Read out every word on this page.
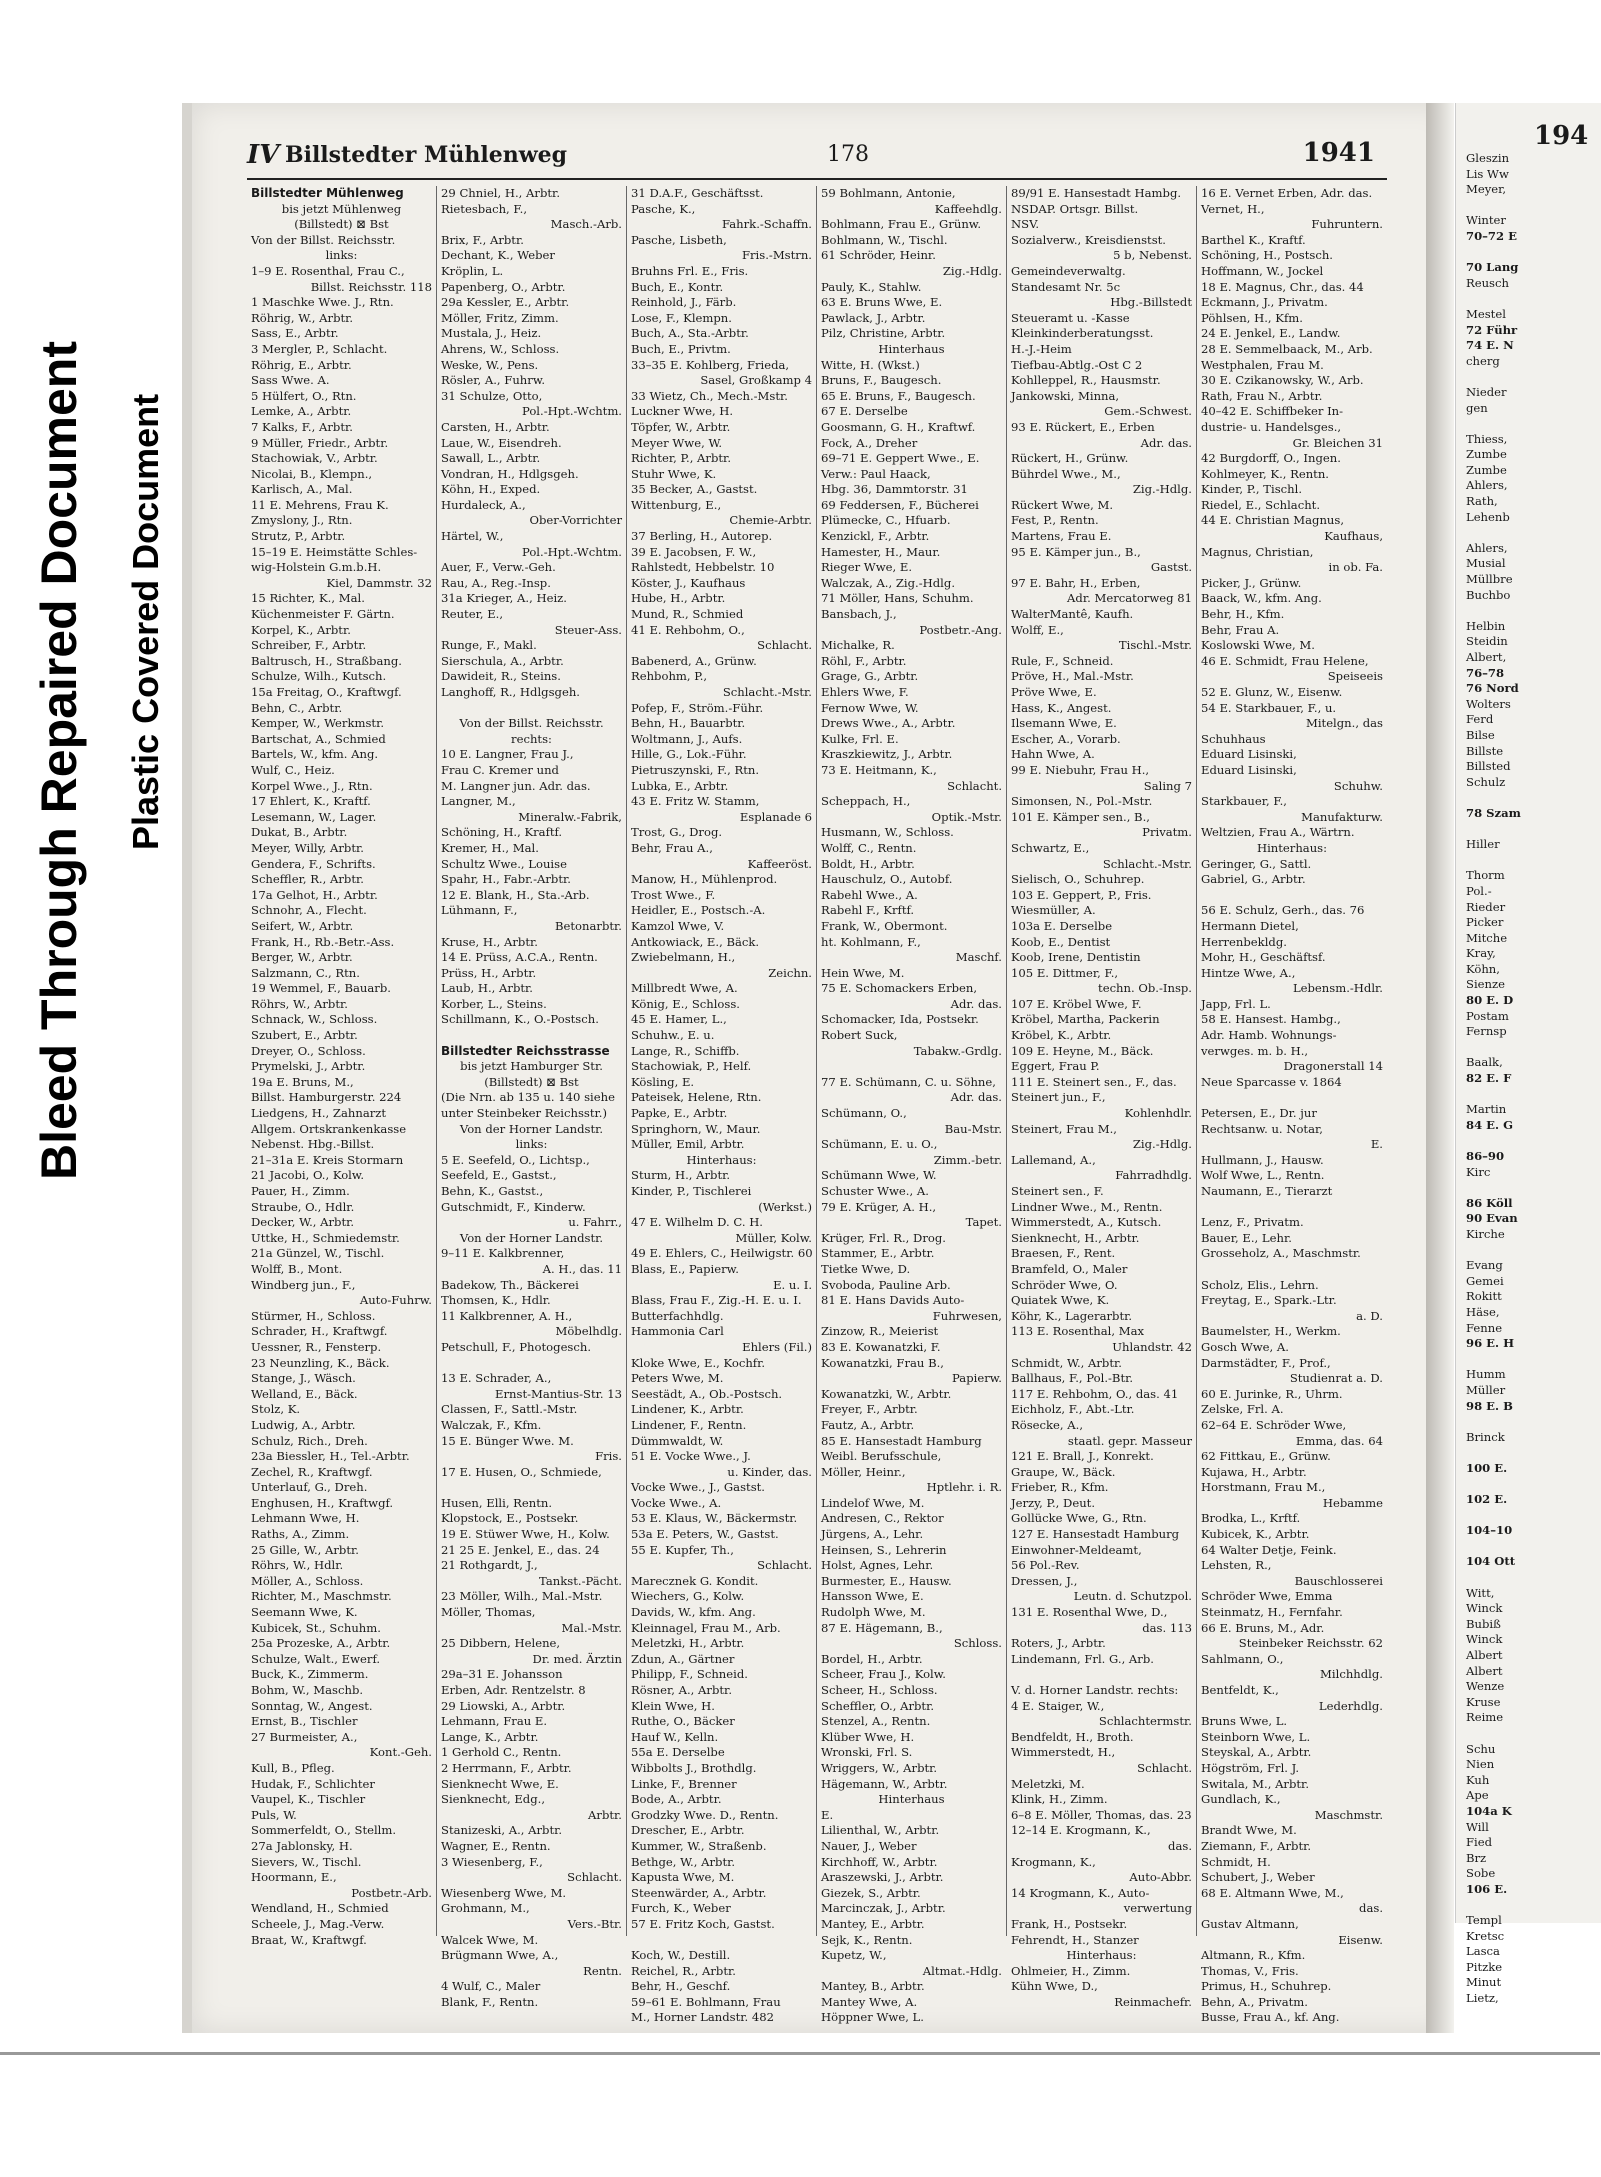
Bleed Through Repaired Document Plastic Covered Document
IV Billstedter Mühlenweg	178	1941
Billstedter Mühlenweg
bis jetzt Mühlenweg
(Billstedt) ⊠ Bst
Von der Billst. Reichsstr.
links:
1–9 E. Rosenthal, Frau C.,
Billst. Reichsstr. 118
1 Maschke Wwe. J., Rtn.
Röhrig, W., Arbtr.
Sass, E., Arbtr.
3 Mergler, P., Schlacht.
Röhrig, E., Arbtr.
Sass Wwe. A.
5 Hülfert, O., Rtn.
Lemke, A., Arbtr.
7 Kalks, F., Arbtr.
9 Müller, Friedr., Arbtr.
Stachowiak, V., Arbtr.
Nicolai, B., Klempn.,
Karlisch, A., Mal.
11 E. Mehrens, Frau K.
Zmyslony, J., Rtn.
Strutz, P., Arbtr.
15–19 E. Heimstätte Schles-
wig-Holstein G.m.b.H.
Kiel, Dammstr. 32
15 Richter, K., Mal.
Küchenmeister F. Gärtn.
Korpel, K., Arbtr.
Schreiber, F., Arbtr.
Baltrusch, H., Straßbang.
Schulze, Wilh., Kutsch.
15a Freitag, O., Kraftwgf.
Behn, C., Arbtr.
Kemper, W., Werkmstr.
Bartschat, A., Schmied
Bartels, W., kfm. Ang.
Wulf, C., Heiz.
Korpel Wwe., J., Rtn.
17 Ehlert, K., Kraftf.
Lesemann, W., Lager.
Dukat, B., Arbtr.
Meyer, Willy, Arbtr.
Gendera, F., Schrifts.
Scheffler, R., Arbtr.
17a Gelhot, H., Arbtr.
Schnohr, A., Flecht.
Seifert, W., Arbtr.
Frank, H., Rb.-Betr.-Ass.
Berger, W., Arbtr.
Salzmann, C., Rtn.
19 Wemmel, F., Bauarb.
Röhrs, W., Arbtr.
Schnack, W., Schloss.
Szubert, E., Arbtr.
Dreyer, O., Schloss.
Prymelski, J., Arbtr.
19a E. Bruns, M.,
Billst. Hamburgerstr. 224
Liedgens, H., Zahnarzt
Allgem. Ortskrankenkasse
Nebenst. Hbg.-Billst.
21–31a E. Kreis Stormarn
21 Jacobi, O., Kolw.
Pauer, H., Zimm.
Straube, O., Hdlr.
Decker, W., Arbtr.
Uttke, H., Schmiedemstr.
21a Günzel, W., Tischl.
Wolff, B., Mont.
Windberg jun., F.,
Auto-Fuhrw.
Stürmer, H., Schloss.
Schrader, H., Kraftwgf.
Uessner, R., Fensterp.
23 Neunzling, K., Bäck.
Stange, J., Wäsch.
Welland, E., Bäck.
Stolz, K.
Ludwig, A., Arbtr.
Schulz, Rich., Dreh.
23a Biessler, H., Tel.-Arbtr.
Zechel, R., Kraftwgf.
Unterlauf, G., Dreh.
Enghusen, H., Kraftwgf.
Lehmann Wwe, H.
Raths, A., Zimm.
25 Gille, W., Arbtr.
Röhrs, W., Hdlr.
Möller, A., Schloss.
Richter, M., Maschmstr.
Seemann Wwe, K.
Kubicek, St., Schuhm.
25a Prozeske, A., Arbtr.
Schulze, Walt., Ewerf.
Buck, K., Zimmerm.
Bohm, W., Maschb.
Sonntag, W., Angest.
Ernst, B., Tischler
27 Burmeister, A.,
Kont.-Geh.
Kull, B., Pfleg.
Hudak, F., Schlichter
Vaupel, K., Tischler
Puls, W.
Sommerfeldt, O., Stellm.
27a Jablonsky, H.
Sievers, W., Tischl.
Hoormann, E.,
Postbetr.-Arb.
Wendland, H., Schmied
Scheele, J., Mag.-Verw.
Braat, W., Kraftwgf.
29 Chniel, H., Arbtr.
Rietesbach, F.,
Masch.-Arb.
Brix, F., Arbtr.
Dechant, K., Weber
Kröplin, L.
Papenberg, O., Arbtr.
29a Kessler, E., Arbtr.
Möller, Fritz, Zimm.
Mustala, J., Heiz.
Ahrens, W., Schloss.
Weske, W., Pens.
Rösler, A., Fuhrw.
31 Schulze, Otto,
Pol.-Hpt.-Wchtm.
Carsten, H., Arbtr.
Laue, W., Eisendreh.
Sawall, L., Arbtr.
Vondran, H., Hdlgsgeh.
Köhn, H., Exped.
Hurdaleck, A.,
Ober-Vorrichter
Härtel, W.,
Pol.-Hpt.-Wchtm.
Auer, F., Verw.-Geh.
Rau, A., Reg.-Insp.
31a Krieger, A., Heiz.
Reuter, E.,
Steuer-Ass.
Runge, F., Makl.
Sierschula, A., Arbtr.
Dawideit, R., Steins.
Langhoff, R., Hdlgsgeh.

Von der Billst. Reichsstr.
rechts:
10 E. Langner, Frau J.,
Frau C. Kremer und
M. Langner jun. Adr. das.
Langner, M.,
Mineralw.-Fabrik,
Schöning, H., Kraftf.
Kremer, H., Mal.
Schultz Wwe., Louise
Spahr, H., Fabr.-Arbtr.
12 E. Blank, H., Sta.-Arb.
Lühmann, F.,
Betonarbtr.
Kruse, H., Arbtr.
14 E. Prüss, A.C.A., Rentn.
Prüss, H., Arbtr.
Laub, H., Arbtr.
Korber, L., Steins.
Schillmann, K., O.-Postsch.

Billstedter Reichsstrasse
bis jetzt Hamburger Str.
(Billstedt) ⊠ Bst
(Die Nrn. ab 135 u. 140 siehe
unter Steinbeker Reichsstr.)
Von der Horner Landstr.
links:
5 E. Seefeld, O., Lichtsp.,
Seefeld, E., Gastst.,
Behn, K., Gastst.,
Gutschmidt, F., Kinderw.
u. Fahrr.,
Von der Horner Landstr.
9–11 E. Kalkbrenner,
A. H., das. 11
Badekow, Th., Bäckerei
Thomsen, K., Hdlr.
11 Kalkbrenner, A. H.,
Möbelhdlg.
Petschull, F., Photogesch.

13 E. Schrader, A.,
Ernst-Mantius-Str. 13
Classen, F., Sattl.-Mstr.
Walczak, F., Kfm.
15 E. Bünger Wwe. M.
Fris.
17 E. Husen, O., Schmiede,

Husen, Elli, Rentn.
Klopstock, E., Postsekr.
19 E. Stüwer Wwe, H., Kolw.
21 25 E. Jenkel, E., das. 24
21 Rothgardt, J.,
Tankst.-Pächt.
23 Möller, Wilh., Mal.-Mstr.
Möller, Thomas,
Mal.-Mstr.
25 Dibbern, Helene,
Dr. med. Ärztin
29a–31 E. Johansson
Erben, Adr. Rentzelstr. 8
29 Liowski, A., Arbtr.
Lehmann, Frau E.
Lange, K., Arbtr.
1 Gerhold C., Rentn.
2 Herrmann, F., Arbtr.
Sienknecht Wwe, E.
Sienknecht, Edg.,
Arbtr.
Stanizeski, A., Arbtr.
Wagner, E., Rentn.
3 Wiesenberg, F.,
Schlacht.
Wiesenberg Wwe, M.
Grohmann, M.,
Vers.-Btr.
Walcek Wwe, M.
Brügmann Wwe, A.,
Rentn.
4 Wulf, C., Maler
Blank, F., Rentn.
31 D.A.F., Geschäftsst.
Pasche, K.,
Fahrk.-Schaffn.
Pasche, Lisbeth,
Fris.-Mstrn.
Bruhns Frl. E., Fris.
Buch, E., Kontr.
Reinhold, J., Färb.
Lose, F., Klempn.
Buch, A., Sta.-Arbtr.
Buch, E., Privtm.
33–35 E. Kohlberg, Frieda,
Sasel, Großkamp 4
33 Wietz, Ch., Mech.-Mstr.
Luckner Wwe, H.
Töpfer, W., Arbtr.
Meyer Wwe, W.
Richter, P., Arbtr.
Stuhr Wwe, K.
35 Becker, A., Gastst.
Wittenburg, E.,
Chemie-Arbtr.
37 Berling, H., Autorep.
39 E. Jacobsen, F. W.,
Rahlstedt, Hebbelstr. 10
Köster, J., Kaufhaus
Hube, H., Arbtr.
Mund, R., Schmied
41 E. Rehbohm, O.,
Schlacht.
Babenerd, A., Grünw.
Rehbohm, P.,
Schlacht.-Mstr.
Pofep, F., Ström.-Führ.
Behn, H., Bauarbtr.
Woltmann, J., Aufs.
Hille, G., Lok.-Führ.
Pietruszynski, F., Rtn.
Lubka, E., Arbtr.
43 E. Fritz W. Stamm,
Esplanade 6
Trost, G., Drog.
Behr, Frau A.,
Kaffeeröst.
Manow, H., Mühlenprod.
Trost Wwe., F.
Heidler, E., Postsch.-A.
Kamzol Wwe, V.
Antkowiack, E., Bäck.
Zwiebelmann, H.,
Zeichn.
Millbredt Wwe, A.
König, E., Schloss.
45 E. Hamer, L.,
Schuhw., E. u.
Lange, R., Schiffb.
Stachowiak, P., Helf.
Kösling, E.
Pateisek, Helene, Rtn.
Papke, E., Arbtr.
Springhorn, W., Maur.
Müller, Emil, Arbtr.
Hinterhaus:
Sturm, H., Arbtr.
Kinder, P., Tischlerei
(Werkst.)
47 E. Wilhelm D. C. H.
Müller, Kolw.
49 E. Ehlers, C., Heilwigstr. 60
Blass, E., Papierw.
E. u. I.
Blass, Frau F., Zig.-H. E. u. I.
Butterfachhdlg.
Hammonia Carl
Ehlers (Fil.)
Kloke Wwe, E., Kochfr.
Peters Wwe, M.
Seestädt, A., Ob.-Postsch.
Lindener, K., Arbtr.
Lindener, F., Rentn.
Dümmwaldt, W.
51 E. Vocke Wwe., J.
u. Kinder, das.
Vocke Wwe., J., Gastst.
Vocke Wwe., A.
53 E. Klaus, W., Bäckermstr.
53a E. Peters, W., Gastst.
55 E. Kupfer, Th.,
Schlacht.
Marecznek G. Kondit.
Wiechers, G., Kolw.
Davids, W., kfm. Ang.
Kleinnagel, Frau M., Arb.
Meletzki, H., Arbtr.
Zdun, A., Gärtner
Philipp, F., Schneid.
Rösner, A., Arbtr.
Klein Wwe, H.
Ruthe, O., Bäcker
Hauf W., Kelln.
55a E. Derselbe
Wibbolts J., Brothdlg.
Linke, F., Brenner
Bode, A., Arbtr.
Grodzky Wwe. D., Rentn.
Drescher, E., Arbtr.
Kummer, W., Straßenb.
Bethge, W., Arbtr.
Kapusta Wwe, M.
Steenwärder, A., Arbtr.
Furch, K., Weber
57 E. Fritz Koch, Gastst.

Koch, W., Destill.
Reichel, R., Arbtr.
Behr, H., Geschf.
59–61 E. Bohlmann, Frau
M., Horner Landstr. 482
59 Bohlmann, Antonie,
Kaffeehdlg.
Bohlmann, Frau E., Grünw.
Bohlmann, W., Tischl.
61 Schröder, Heinr.
Zig.-Hdlg.
Pauly, K., Stahlw.
63 E. Bruns Wwe, E.
Pawlack, J., Arbtr.
Pilz, Christine, Arbtr.
Hinterhaus
Witte, H. (Wkst.)
Bruns, F., Baugesch.
65 E. Bruns, F., Baugesch.
67 E. Derselbe
Goosmann, G. H., Kraftwf.
Fock, A., Dreher
69–71 E. Geppert Wwe., E.
Verw.: Paul Haack,
Hbg. 36, Dammtorstr. 31
69 Feddersen, F., Bücherei
Plümecke, C., Hfuarb.
Kenzickl, F., Arbtr.
Hamester, H., Maur.
Rieger Wwe, E.
Walczak, A., Zig.-Hdlg.
71 Möller, Hans, Schuhm.
Bansbach, J.,
Postbetr.-Ang.
Michalke, R.
Röhl, F., Arbtr.
Grage, G., Arbtr.
Ehlers Wwe, F.
Fernow Wwe, W.
Drews Wwe., A., Arbtr.
Kulke, Frl. E.
Kraszkiewitz, J., Arbtr.
73 E. Heitmann, K.,
Schlacht.
Scheppach, H.,
Optik.-Mstr.
Husmann, W., Schloss.
Wolff, C., Rentn.
Boldt, H., Arbtr.
Hauschulz, O., Autobf.
Rabehl Wwe., A.
Rabehl F., Krftf.
Frank, W., Obermont.
ht. Kohlmann, F.,
Maschf.
Hein Wwe, M.
75 E. Schomackers Erben,
Adr. das.
Schomacker, Ida, Postsekr.
Robert Suck,
Tabakw.-Grdlg.

77 E. Schümann, C. u. Söhne,
Adr. das.
Schümann, O.,
Bau-Mstr.
Schümann, E. u. O.,
Zimm.-betr.
Schümann Wwe, W.
Schuster Wwe., A.
79 E. Krüger, A. H.,
Tapet.
Krüger, Frl. R., Drog.
Stammer, E., Arbtr.
Tietke Wwe, D.
Svoboda, Pauline Arb.
81 E. Hans Davids Auto-
Fuhrwesen,
Zinzow, R., Meierist
83 E. Kowanatzki, F.
Kowanatzki, Frau B.,
Papierw.
Kowanatzki, W., Arbtr.
Freyer, F., Arbtr.
Fautz, A., Arbtr.
85 E. Hansestadt Hamburg
Weibl. Berufsschule,
Möller, Heinr.,
Hptlehr. i. R.
Lindelof Wwe, M.
Andresen, C., Rektor
Jürgens, A., Lehr.
Heinsen, S., Lehrerin
Holst, Agnes, Lehr.
Burmester, E., Hausw.
Hansson Wwe, E.
Rudolph Wwe, M.
87 E. Hägemann, B.,
Schloss.
Bordel, H., Arbtr.
Scheer, Frau J., Kolw.
Scheer, H., Schloss.
Scheffler, O., Arbtr.
Stenzel, A., Rentn.
Klüber Wwe, H.
Wronski, Frl. S.
Wriggers, W., Arbtr.
Hägemann, W., Arbtr.
Hinterhaus
E.
Lilienthal, W., Arbtr.
Nauer, J., Weber
Kirchhoff, W., Arbtr.
Araszewski, J., Arbtr.
Giezek, S., Arbtr.
Marcinczak, J., Arbtr.
Mantey, E., Arbtr.
Sejk, K., Rentn.
Kupetz, W.,
Altmat.-Hdlg.
Mantey, B., Arbtr.
Mantey Wwe, A.
Höppner Wwe, L.
89/91 E. Hansestadt Hambg.
NSDAP. Ortsgr. Billst.
NSV.
Sozialverw., Kreisdienstst.
5 b, Nebenst.
Gemeindeverwaltg.
Standesamt Nr. 5c
Hbg.-Billstedt
Steueramt u. -Kasse
Kleinkinderberatungsst.
H.-J.-Heim
Tiefbau-Abtlg.-Ost C 2
Kohlleppel, R., Hausmstr.
Jankowski, Minna,
Gem.-Schwest.
93 E. Rückert, E., Erben
Adr. das.
Rückert, H., Grünw.
Bührdel Wwe., M.,
Zig.-Hdlg.
Rückert Wwe, M.
Fest, P., Rentn.
Martens, Frau E.
95 E. Kämper jun., B.,
Gastst.
97 E. Bahr, H., Erben,
Adr. Mercatorweg 81
WalterMantê, Kaufh.
Wolff, E.,
Tischl.-Mstr.
Rule, F., Schneid.
Pröve, H., Mal.-Mstr.
Pröve Wwe, E.
Hass, K., Angest.
Ilsemann Wwe, E.
Escher, A., Vorarb.
Hahn Wwe, A.
99 E. Niebuhr, Frau H.,
Saling 7
Simonsen, N., Pol.-Mstr.
101 E. Kämper sen., B.,
Privatm.
Schwartz, E.,
Schlacht.-Mstr.
Sielisch, O., Schuhrep.
103 E. Geppert, P., Fris.
Wiesmüller, A.
103a E. Derselbe
Koob, E., Dentist
Koob, Irene, Dentistin
105 E. Dittmer, F.,
techn. Ob.-Insp.
107 E. Kröbel Wwe, F.
Kröbel, Martha, Packerin
Kröbel, K., Arbtr.
109 E. Heyne, M., Bäck.
Eggert, Frau P.
111 E. Steinert sen., F., das.
Steinert jun., F.,
Kohlenhdlr.
Steinert, Frau M.,
Zig.-Hdlg.
Lallemand, A.,
Fahrradhdlg.
Steinert sen., F.
Lindner Wwe., M., Rentn.
Wimmerstedt, A., Kutsch.
Sienknecht, H., Arbtr.
Braesen, F., Rent.
Bramfeld, O., Maler
Schröder Wwe, O.
Quiatek Wwe, K.
Köhr, K., Lagerarbtr.
113 E. Rosenthal, Max
Uhlandstr. 42
Schmidt, W., Arbtr.
Ballhaus, F., Pol.-Btr.
117 E. Rehbohm, O., das. 41
Eichholz, F., Abt.-Ltr.
Rösecke, A.,
staatl. gepr. Masseur
121 E. Brall, J., Konrekt.
Graupe, W., Bäck.
Frieber, R., Kfm.
Jerzy, P., Deut.
Gollücke Wwe, G., Rtn.
127 E. Hansestadt Hamburg
Einwohner-Meldeamt,
56 Pol.-Rev.
Dressen, J.,
Leutn. d. Schutzpol.
131 E. Rosenthal Wwe, D.,
das. 113
Roters, J., Arbtr.
Lindemann, Frl. G., Arb.

V. d. Horner Landstr. rechts:
4 E. Staiger, W.,
Schlachtermstr.
Bendfeldt, H., Broth.
Wimmerstedt, H.,
Schlacht.
Meletzki, M.
Klink, H., Zimm.
6–8 E. Möller, Thomas, das. 23
12–14 E. Krogmann, K.,
das.
Krogmann, K.,
Auto-Abbr.
14 Krogmann, K., Auto-
verwertung
Frank, H., Postsekr.
Fehrendt, H., Stanzer
Hinterhaus:
Ohlmeier, H., Zimm.
Kühn Wwe, D.,
Reinmachefr.
16 E. Vernet Erben, Adr. das.
Vernet, H.,
Fuhruntern.
Barthel K., Kraftf.
Schöning, H., Postsch.
Hoffmann, W., Jockel
18 E. Magnus, Chr., das. 44
Eckmann, J., Privatm.
Pöhlsen, H., Kfm.
24 E. Jenkel, E., Landw.
28 E. Semmelbaack, M., Arb.
Westphalen, Frau M.
30 E. Czikanowsky, W., Arb.
Rath, Frau N., Arbtr.
40–42 E. Schiffbeker In-
dustrie- u. Handelsges.,
Gr. Bleichen 31
42 Burgdorff, O., Ingen.
Kohlmeyer, K., Rentn.
Kinder, P., Tischl.
Riedel, E., Schlacht.
44 E. Christian Magnus,
Kaufhaus,
Magnus, Christian,
in ob. Fa.
Picker, J., Grünw.
Baack, W., kfm. Ang.
Behr, H., Kfm.
Behr, Frau A.
Koslowski Wwe, M.
46 E. Schmidt, Frau Helene,
Speiseeis
52 E. Glunz, W., Eisenw.
54 E. Starkbauer, F., u.
Mitelgn., das
Schuhhaus
Eduard Lisinski,
Eduard Lisinski,
Schuhw.
Starkbauer, F.,
Manufakturw.
Weltzien, Frau A., Wärtrn.
Hinterhaus:
Geringer, G., Sattl.
Gabriel, G., Arbtr.

56 E. Schulz, Gerh., das. 76
Hermann Dietel,
Herrenbekldg.
Mohr, H., Geschäftsf.
Hintze Wwe, A.,
Lebensm.-Hdlr.
Japp, Frl. L.
58 E. Hansest. Hambg.,
Adr. Hamb. Wohnungs-
verwges. m. b. H.,
Dragonerstall 14
Neue Sparcasse v. 1864

Petersen, E., Dr. jur
Rechtsanw. u. Notar,
E.
Hullmann, J., Hausw.
Wolf Wwe, L., Rentn.
Naumann, E., Tierarzt

Lenz, F., Privatm.
Bauer, E., Lehr.
Grosseholz, A., Maschmstr.

Scholz, Elis., Lehrn.
Freytag, E., Spark.-Ltr.
a. D.
Baumelster, H., Werkm.
Gosch Wwe, A.
Darmstädter, F., Prof.,
Studienrat a. D.
60 E. Jurinke, R., Uhrm.
Zelske, Frl. A.
62–64 E. Schröder Wwe,
Emma, das. 64
62 Fittkau, E., Grünw.
Kujawa, H., Arbtr.
Horstmann, Frau M.,
Hebamme
Brodka, L., Krftf.
Kubicek, K., Arbtr.
64 Walter Detje, Feink.
Lehsten, R.,
Bauschlosserei
Schröder Wwe, Emma
Steinmatz, H., Fernfahr.
66 E. Bruns, M., Adr.
Steinbeker Reichsstr. 62
Sahlmann, O.,
Milchhdlg.
Bentfeldt, K.,
Lederhdlg.
Bruns Wwe, L.
Steinborn Wwe, L.
Steyskal, A., Arbtr.
Högström, Frl. J.
Switala, M., Arbtr.
Gundlach, K.,
Maschmstr.
Brandt Wwe, M.
Ziemann, F., Arbtr.
Schmidt, H.
Schubert, J., Weber
68 E. Altmann Wwe, M.,
das.
Gustav Altmann,
Eisenw.
Altmann, R., Kfm.
Thomas, V., Fris.
Primus, H., Schuhrep.
Behn, A., Privatm.
Busse, Frau A., kf. Ang.
194
Gleszin
Lis Ww
Meyer,

Winter
70–72 E

70 Lang
Reusch

Mestel
72 Führ
74 E. N
cherg

Nieder
gen

Thiess,
Zumbe
Zumbe
Ahlers,
Rath,
Lehenb

Ahlers,
Musial
Müllbre
Buchbo

Helbin
Steidin
Albert,
76–78
76 Nord
Wolters
Ferd
Bilse
Billste
Billsted
Schulz

78 Szam

Hiller

Thorm
Pol.-
Rieder
Picker
Mitche
Kray,
Köhn,
Sienze
80 E. D
Postam
Fernsp

Baalk,
82 E. F

Martin
84 E. G

86–90
Kirc

86 Köll
90 Evan
Kirche

Evang
Gemei
Rokitt
Häse,
Fenne
96 E. H

Humm
Müller
98 E. B

Brinck

100 E.

102 E.

104–10

104 Ott

Witt,
Winck
Bubiß
Winck
Albert
Albert
Wenze
Kruse
Reime

Schu
Nien
Kuh
Ape
104a K
Will
Fied
Brz
Sobe
106 E.

Templ
Kretsc
Lasca
Pitzke
Minut
Lietz,
